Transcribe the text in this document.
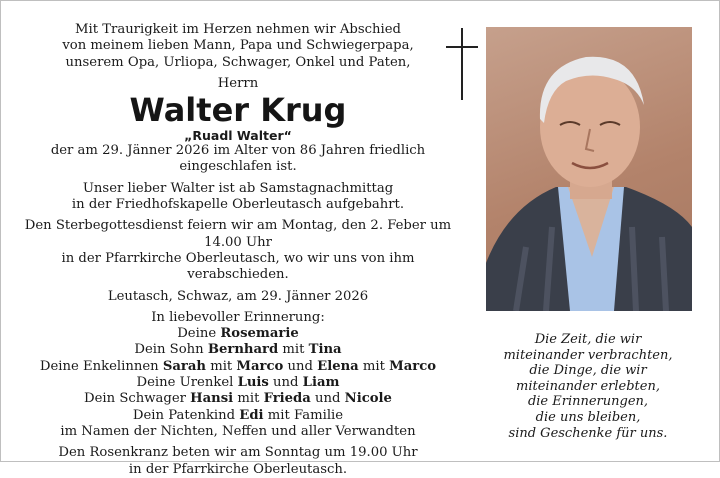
Mit Traurigkeit im Herzen nehmen wir Abschied

von meinem lieben Mann, Papa und Schwiegerpapa,

unserem Opa, Urliopa, Schwager, Onkel und Paten,

Herrn

Walter Krug

„Ruadl Walter“

der am 29. Jänner 2026 im Alter von 86 Jahren friedlich eingeschlafen ist.

Unser lieber Walter ist ab Samstagnachmittag

in der Friedhofskapelle Oberleutasch aufgebahrt.

Den Sterbegottesdienst feiern wir am Montag, den 2. Feber um 14.00 Uhr

in der Pfarrkirche Oberleutasch, wo wir uns von ihm verabschieden.

Leutasch, Schwaz, am 29. Jänner 2026

In liebevoller Erinnerung:

Deine Rosemarie

Dein Sohn Bernhard mit Tina

Deine Enkelinnen Sarah mit Marco und Elena mit Marco

Deine Urenkel Luis und Liam

Dein Schwager Hansi mit Frieda und Nicole

Dein Patenkind Edi mit Familie

im Namen der Nichten, Neffen und aller Verwandten

Den Rosenkranz beten wir am Sonntag um 19.00 Uhr

in der Pfarrkirche Oberleutasch.

Die Zeit, die wir

miteinander verbrachten,

die Dinge, die wir

miteinander erlebten,

die Erinnerungen,

die uns bleiben,

sind Geschenke für uns.
